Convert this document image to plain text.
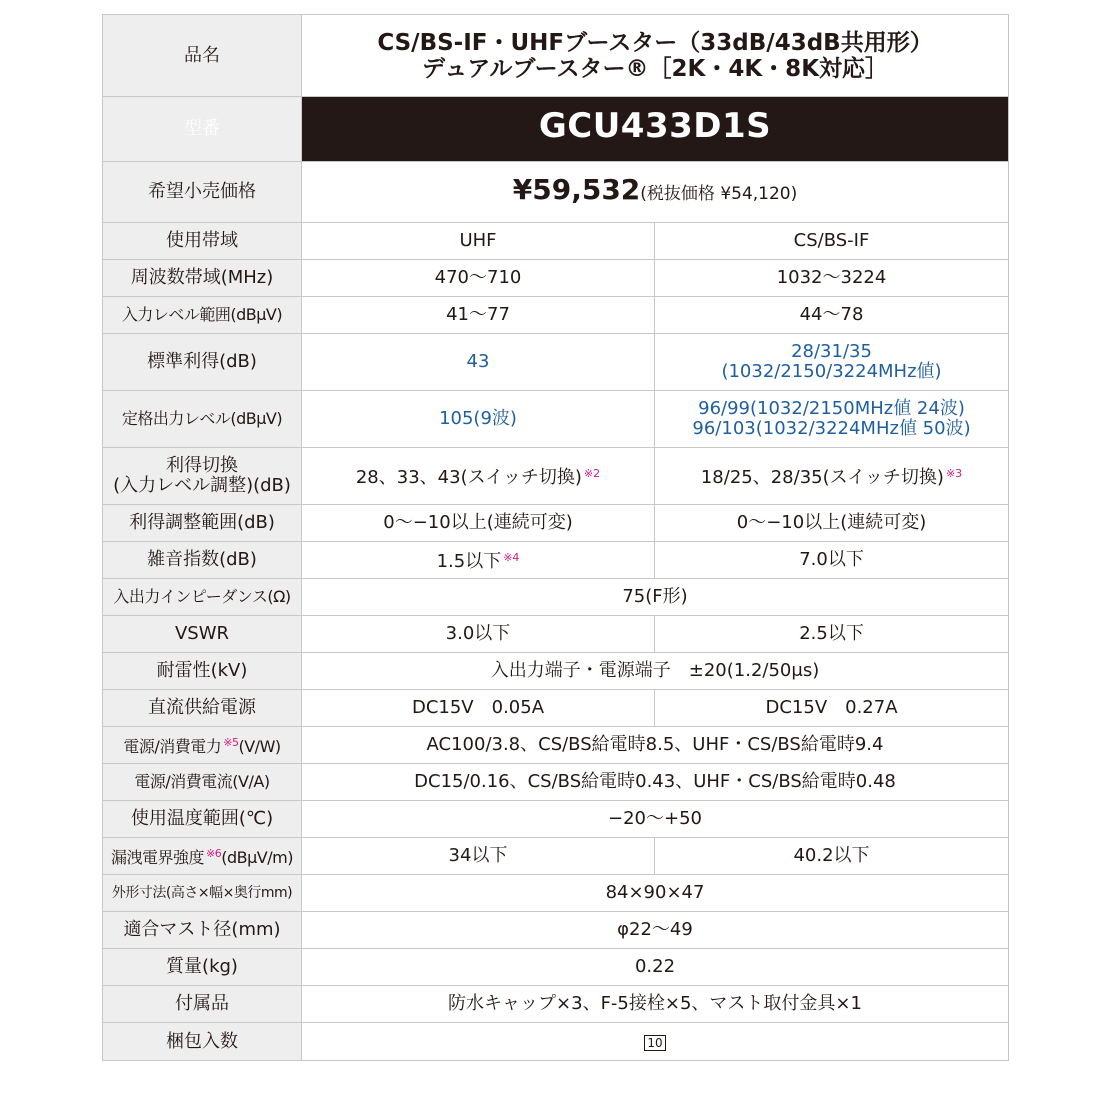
品名	CS/BS-IF・UHFブースター（33dB/43dB共用形）
デュアルブースター®［2K・4K・8K対応］	

型番	GCU433D1S	
希望小売価格	¥59,532(税抜価格 ¥54,120)	
使用帯域	UHF	CS/BS-IF
周波数帯域(MHz)	470〜710	1032〜3224
入力レベル範囲(dBμV)	41〜77	44〜78
標準利得(dB)	43	28/31/35
(1032/2150/3224MHz値)

定格出力レベル(dBμV)	105(9波)	96/99(1032/2150MHz値 24波)
96/103(1032/3224MHz値 50波)

利得切換
(入力レベル調整)(dB)	28、33、43(スイッチ切換) $^{※2}$	18/25、28/35(スイッチ切換) $^{※3}$
利得調整範囲(dB)	0〜−10以上(連続可変)	0〜−10以上(連続可変)
雑音指数(dB)	1.5以下 $^{※4}$	7.0以下
入出力インピーダンス(Ω)	75(F形)	
VSWR	3.0以下	2.5以下
耐雷性(kV)	入出力端子・電源端子　±20(1.2/50μs)	
直流供給電源	DC15V　0.05A	DC15V　0.27A
電源/消費電力 $^{※5}$(V/W)	AC100/3.8、CS/BS給電時8.5、UHF・CS/BS給電時9.4	
電源/消費電流(V/A)	DC15/0.16、CS/BS給電時0.43、UHF・CS/BS給電時0.48	
使用温度範囲(℃)	−20〜+50	
漏洩電界強度 $^{※6}$(dBμV/m)	34以下	40.2以下
外形寸法(高さ×幅×奥行mm)	84×90×47	
適合マスト径(mm)	φ22〜49	
質量(kg)	0.22	
付属品	防水キャップ×3、F-5接栓×5、マスト取付金具×1	
梱包入数	10	
